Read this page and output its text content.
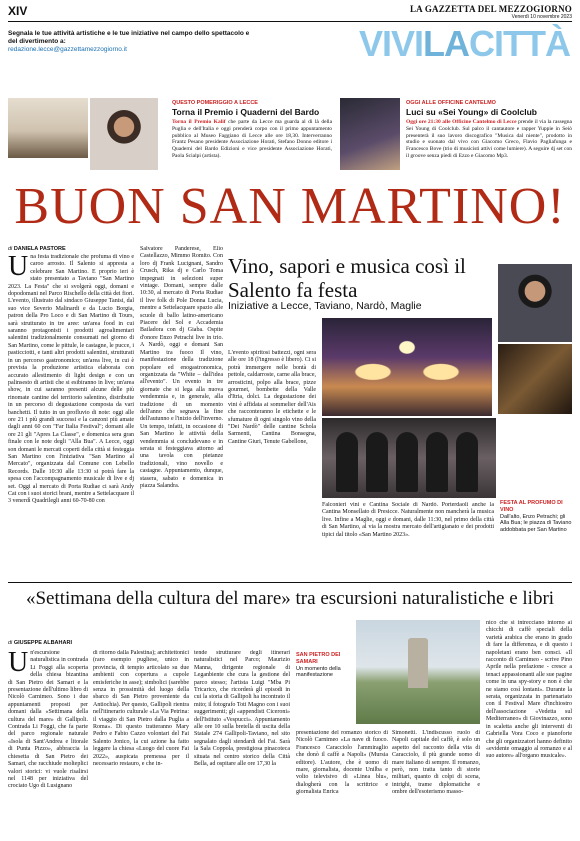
XIV	LA GAZZETTA DEL MEZZOGIORNO
Venerdì 10 novembre 2023
Segnala le tue attività artistiche e le tue iniziative nel campo dello spettacolo e del divertimento a:
redazione.lecce@gazzettamezzogiorno.it	VIVILACITTÀ
QUESTO POMERIGGIO A LECCE
Torna il Premio i Quaderni del Bardo
Torna il Premio Kalif che parte da Lecce ma guarda al di là della Puglia e dell'Italia e oggi prenderà corpo con il primo appuntamento pubblico al Museo Faggiano di Lecce alle ore 18,30. Interverranno Frantz Pesano presidente Associazione Horati, Stefano Donno editore i Quaderni del Bardo Edizioni e vice presidente Associazione Horati, Paola Scialpi (artista).
OGGI ALLE OFFICINE CANTELMO
Luci su «Sei Young» di Coolclub
Oggi ore 21:30 alle Officine Cantelmo di Lecce prende il via la rassegna Sei Young di Coolclub. Sul palco il cantautore e rapper Yuppie in Seiò presenterà il suo lavoro discografico "Musica dal niente", prodotto in studio e suonato dal vivo con Giacomo Greco, Flavio Pagliafunga e Francesco Bove (trio di musicisti attivi come lumiere). A seguire dj set con il groove senza piedi di Ezzo e Giacomo Mp3.
BUON SAN MARTINO!
di DANIELA PASTORE
Una festa tradizionale che profuma di vino e caroo arrosto. Il Salento si appresta a celebrare San Martino. E proprio ieri è stato presentato a Taviano "San Martino 2023. La Festa" che si svolgerà oggi, domani e dopodomani nel Parco Rischello della città dei fiori. L'evento, illustrato dal sindaco Giuseppe Tanisi, dal suo vice Severio Malinardi e da Lucio Borgia, patron della Pro Loco e di San Martino di Tours, sarà strutturato in tre aree: un'area food in cui saranno protagonisti i prodotti agroalimentari salentini tradizionalmente consumati nel giorno di San Martino, come le pittule, le castagne, le pucce, i pasticciotti, e tanti altri prodotti salentini, strutturati in un percorso gastronomico; un'area live, in cui è prevista la produzione artistica elaborata con accurato allestimento di light design e con un palinsesto di artisti che si esibiranno in live; un'area show, in cui saranno presenti alcune delle più rinomate cantine del territorio salentino, distribuite in un percorso di degustazione composta da vari banchetti. Il tutto in un profluvio di note: oggi alle ore 21 i più grandi successi e la canzoni più amate dagli anni 60 con "Far Italia Festival"; domani alle ore 21 gli "Apres La Classe", e domenica sera gran finale con le note degli "Alla Bua". A Lecce, oggi son domani le mercati coperti della città si festeggia San Martino con l'iniziativa "San Martino al Mercato", organizzata dal Comune con Lebello Records. Dalle 10:30 alle 13:30 si potrà fare la spesa con l'accompagnamento musicale di live e dj set. Oggi al mercato di Porta Rudiae ci sarà Andy Cat con i suoi storici brani, mentre a Settelacquare il 3 venerdì Quadrilegli anni 60-70-80 con
Salvatore Panderese, Elio Castellazzo, Mimmo Romito. Con loro dj Frank Lucignani, Sandro Crusch, Rika dj e Carlo Toma impegnati in selezioni super vintage. Domani, sempre dalle 10:30, al mercato di Porta Rudiae il live folk di Pole Donna Lucia, mentre a Settelacquare spazio alle scuole di ballo latino-americano Piacere del Sol e Accademia Bailadora con dj Giaba. Ospite d'onore Enzo Petrachi live in trio. A Nardò, oggi e domani San Martino tra fuoco Il vino, manifestazione della tradizione popolare ed enogastronomica, organizzata da "White – dall'idea all'evento". Un evento in tre giornate che si lega alla nuova vendemmia e, in generale, alla tradizione di un momento dell'anno che segnava la fine dell'autunno e l'inizio dell'inverno. Un tempo, infatti, in occasione di San Martino le attività della vendemmia si concludevano e in serata si festeggiava attorno ad una tavola con pietanze tradizionali, vino novello e castagne. Appuntamento, dunque, stasera, sabato e domenica in piazza Salandra.
Vino, sapori e musica così il Salento fa festa
Iniziative a Lecce, Taviano, Nardò, Maglie
L'evento spiritosi battezzi, ogni sera alle ore 18 (l'ingresso è libero). Ci si potrà immergere nelle bontà di pettole, caldarroste, carne alla brace, arrosticini, polpo alla brace, pizze gourmet, bombette della Valle d'Itria, dolci. La degustazione dei vini è affidata ai sommelier dell'Ais che racconteranno le etichette e le sfumature di ogni singolo vino della "Dei Nardò" delle cantine Schola Sarmenti, Cantina Bonsegna, Cantine Giuri, Tenute Gabellone,
FESTA AL PROFUMO DI VINO
Dall'alto, Enzo Petrachi; gli Alla Bua; le piazza di Taviano addobbata per San Martino
Falconieri vini e Cantina Sociale di Nardò. Porterdaoli anche la Cantina Monsellato di Presicce. Naturalmente non mancherà la musica live. Infine a Maglie, oggi e domani, dalle 11:30, nel primo della città di San Martino, al via la mostra mercato dell'artigianato e dei prodotti tipici dal titolo «San Martino 2023».
«Settimana della cultura del mare» tra escursioni naturalistiche e libri
di GIUSEPPE ALBAHARI
Un'escursione naturalistica in contrada Li Foggi alla scoperta della chiesa bizantina di San Pietro dei Samari e la presentazione dell'ultimo libro di Nicolò Carnimeo. Sono i due appuntamenti proposti per domani dalla «Settimana della cultura del mare» di Gallipoli. Contrada Li Foggi, che fa parte del parco regionale naturale «Isola di Sant'Andrea e litorale di Punta Pizzo», abbraccia la chiesetta di San Pietro dei Samari, che racchiude molteplici valori storici: vi vuole risalirsi nel 1148 per iniziativa del crociato Ugo di Lusignano
di ritorno dalla Palestina); architettonici (raro esempio pugliese, unico in provincia, di tempio articolato su due ambienti con copertura a cupole emisferiche in asse); simbolici (sarebbe senza in prossimità del luogo della sbarco di San Pietro proveniente da Antiochia). Per questo, Gallipoli rientra nell'itinerario culturale «La Via Petrina: il viaggio di San Pietro dalla Puglia a Roma». Di questo tratteranno Mary Pedro e Fabio Cazzo volontari del Fai Salento Jonico, la cui azione ha fatto leggere la chiesa «Luogo del cuore Fai 2022», auspicata premessa per il necessario restauro, e che in-
tende strutturare degli itinerari naturalistici nel Parco; Maurizio Manna, dirigente regionale di Leganbiente che cura la gestione del parco stesso; l'artista Luigi "Mba Pi Tricarico, che ricorderà gli episodi in cui la storia di Gallipoli ha incontrato il mito; il fotografo Toti Magno con i suoi suggerimenti; gli «appendisti Ciceroni» dell'Istituto «Vespucci». Appuntamento alle ore 10 sulla bretella di uscita della Statale 274 Gallipoli-Taviano, nel sito segnalato dagli stendardi del Fai. Sarà la Sala Coppola, prestigiosa pinacoteca situata nel centro storico della Città Bella, ad ospitare alle ore 17,30 la
SAN PIETRO DEI SAMARI
Un momento della manifestazione
presentazione del romanzo storico di Nicolò Carnimeo «La nave di fuoco. Francesco Caracciolo l'ammiraglio che donò il caffè a Napoli» (Mursia editore). L'autore, che è uomo di mare, giornalista, docente Unilba e volto televisivo di «Linea blu», dialogherà con la scrittrice e giornalista Enrica
Simonetti. L'indiscusso ruolo di Napoli capitale del caffè, è solo un aspetto del racconto della vita di Caracciolo, il più grande uomo di mare italiano di sempre. Il romanzo, però, non tratta tanto di storie militari, quanto di colpi di scena, intrighi, trame diplomatiche e ombre dell'esoterismo masso-
nico che si intrecciano intorno ai chicchi di caffè speciali della varietà arabica che erano in grado di fare la differenza, e di questo i napoletani erano ben consci. «Il racconto di Carnimeo - scrive Pino Aprile nella prefazione - cresce a tenaci appassionanti alle sue pagine come in una spy-story e non è che ne siamo così lontani». Durante la serata, organizzata in partenariato con il Festival Mare d'inchiostro dell'associazione «Vedetta sul Mediterraneo» di Giovinazzo, sono in scaletta anche gli interventi di Gabriella Vora Coco e pianoforte che gli organizzatori hanno definito «evidente omaggio al romanzo e al suo autore» all'organo musicale».
